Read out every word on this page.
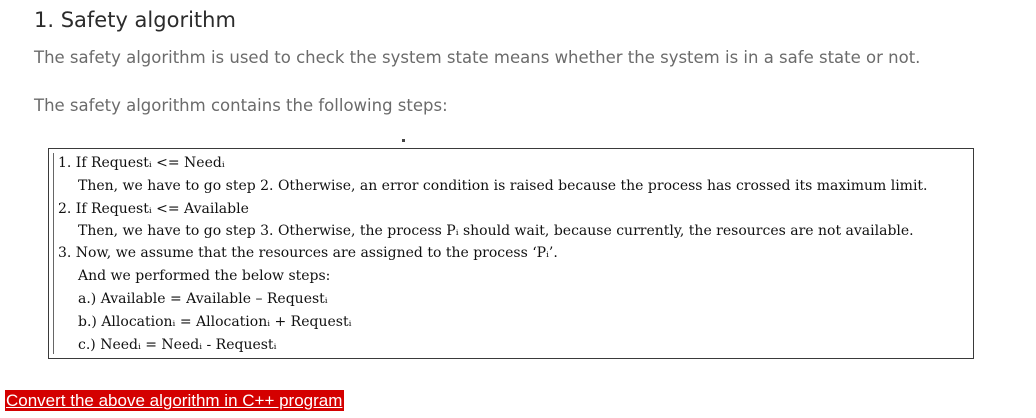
1. Safety algorithm

The safety algorithm is used to check the system state means whether the system is in a safe state or not.

The safety algorithm contains the following steps:

1. If Requestᵢ <= Needᵢ
Then, we have to go step 2. Otherwise, an error condition is raised because the process has crossed its maximum limit.
2. If Requestᵢ <= Available
Then, we have to go step 3. Otherwise, the process Pᵢ should wait, because currently, the resources are not available.
3. Now, we assume that the resources are assigned to the process ‘Pᵢ’.
And we performed the below steps:
a.) Available = Available – Requestᵢ
b.) Allocationᵢ = Allocationᵢ + Requestᵢ
c.) Needᵢ = Needᵢ - Requestᵢ
Convert the above algorithm in C++ program
